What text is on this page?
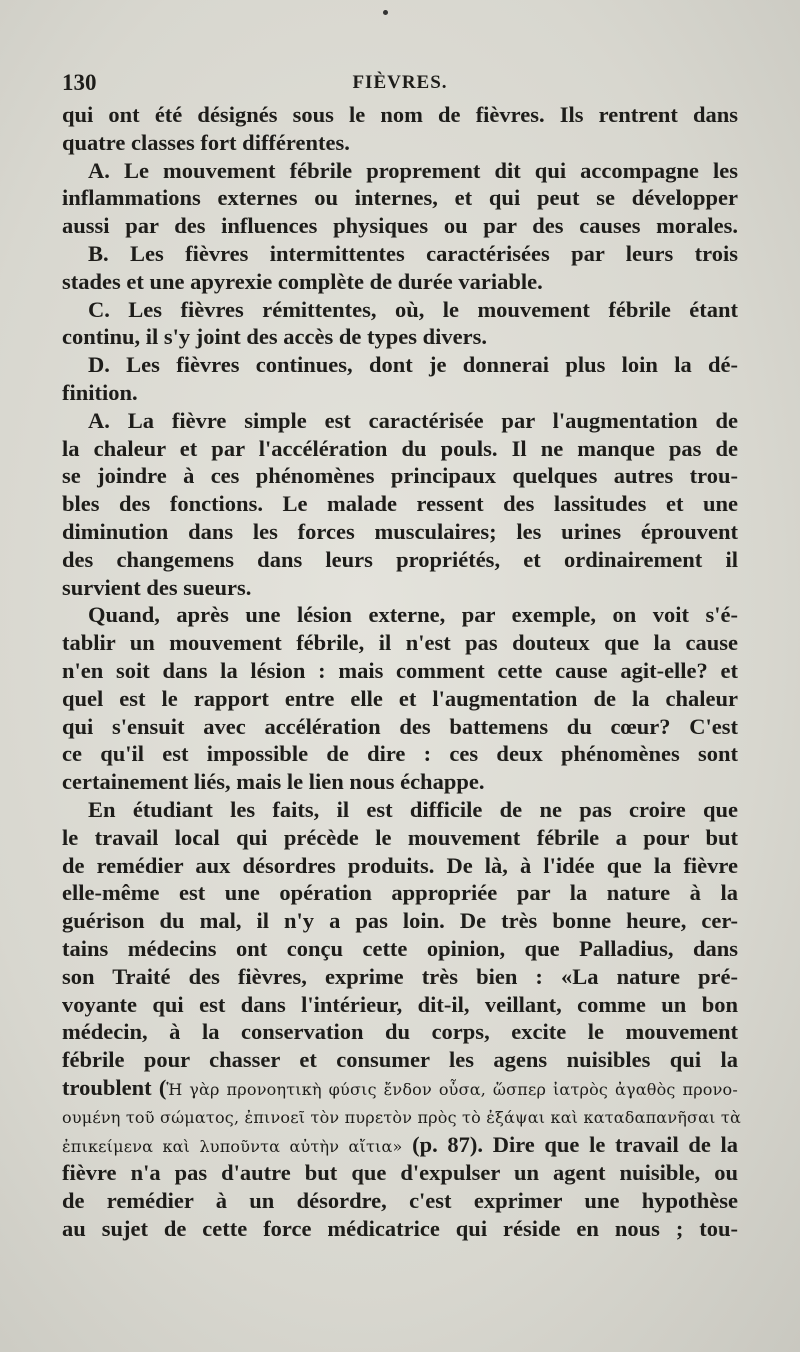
130	FIÈVRES.
qui ont été désignés sous le nom de fièvres. Ils rentrent dans
quatre classes fort différentes.
A. Le mouvement fébrile proprement dit qui accompagne les
inflammations externes ou internes, et qui peut se développer
aussi par des influences physiques ou par des causes morales.
B. Les fièvres intermittentes caractérisées par leurs trois
stades et une apyrexie complète de durée variable.
C. Les fièvres rémittentes, où, le mouvement fébrile étant
continu, il s'y joint des accès de types divers.
D. Les fièvres continues, dont je donnerai plus loin la dé-
finition.
A. La fièvre simple est caractérisée par l'augmentation de
la chaleur et par l'accélération du pouls. Il ne manque pas de
se joindre à ces phénomènes principaux quelques autres trou-
bles des fonctions. Le malade ressent des lassitudes et une
diminution dans les forces musculaires; les urines éprouvent
des changemens dans leurs propriétés, et ordinairement il
survient des sueurs.
Quand, après une lésion externe, par exemple, on voit s'é-
tablir un mouvement fébrile, il n'est pas douteux que la cause
n'en soit dans la lésion : mais comment cette cause agit-elle? et
quel est le rapport entre elle et l'augmentation de la chaleur
qui s'ensuit avec accélération des battemens du cœur? C'est
ce qu'il est impossible de dire : ces deux phénomènes sont
certainement liés, mais le lien nous échappe.
En étudiant les faits, il est difficile de ne pas croire que
le travail local qui précède le mouvement fébrile a pour but
de remédier aux désordres produits. De là, à l'idée que la fièvre
elle-même est une opération appropriée par la nature à la
guérison du mal, il n'y a pas loin. De très bonne heure, cer-
tains médecins ont conçu cette opinion, que Palladius, dans
son Traité des fièvres, exprime très bien : «La nature pré-
voyante qui est dans l'intérieur, dit-il, veillant, comme un bon
médecin, à la conservation du corps, excite le mouvement
fébrile pour chasser et consumer les agens nuisibles qui la
troublent (Ἡ γὰρ προνοητικὴ φύσις ἔνδον οὖσα, ὥσπερ ἰατρὸς ἀγαθὸς προνο-
ουμένη τοῦ σώματος, ἐπινοεῖ τὸν πυρετὸν πρὸς τὸ ἐξάψαι καὶ καταδαπανῆσαι τὰ
ἐπικείμενα καὶ λυποῦντα αὐτὴν αἴτια» (p. 87). Dire que le travail de la
fièvre n'a pas d'autre but que d'expulser un agent nuisible, ou
de remédier à un désordre, c'est exprimer une hypothèse
au sujet de cette force médicatrice qui réside en nous ; tou-
